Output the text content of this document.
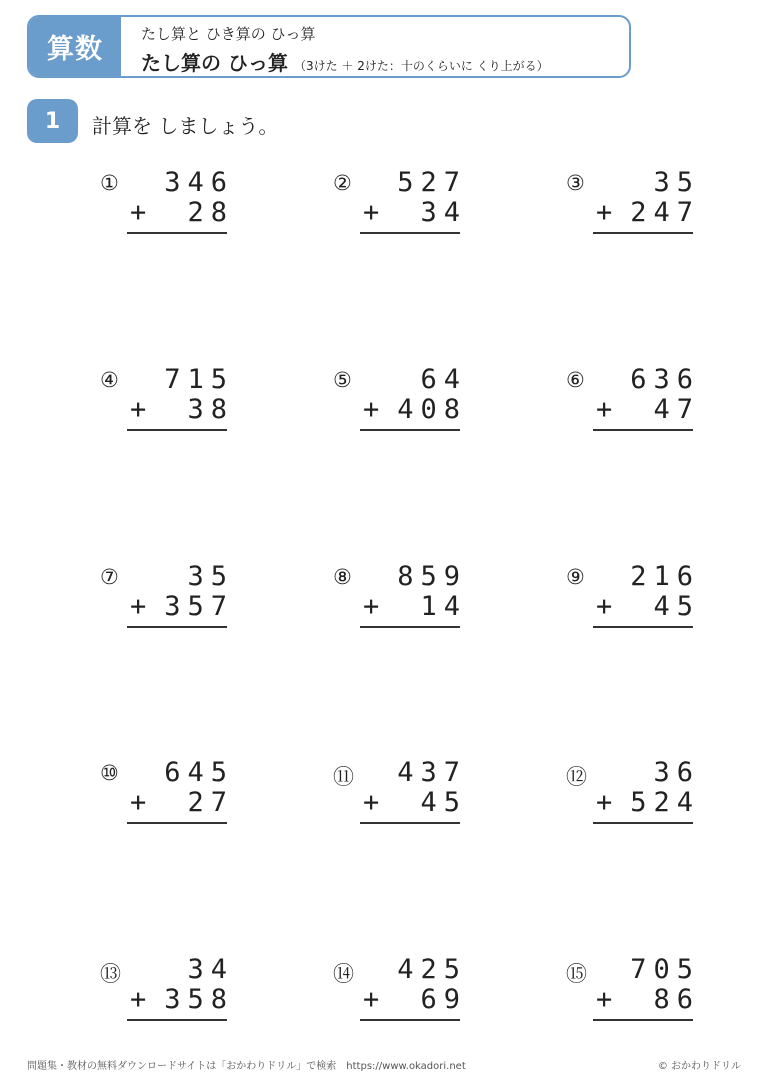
算数	たし算と ひき算の ひっ算
たし算の ひっ算 （3けた ＋ 2けた：十のくらいに くり上がる）
1	計算を しましょう。
①	346
+ 28
②	527
+ 34
③	35
+ 247
④	715
+ 38
⑤	64
+ 408
⑥	636
+ 47
⑦	35
+ 357
⑧	859
+ 14
⑨	216
+ 45
⑩	645
+ 27
⑪	437
+ 45
⑫	36
+ 524
⑬	34
+ 358
⑭	425
+ 69
⑮	705
+ 86
問題集・教材の無料ダウンロードサイトは「おかわりドリル」で検索　https://www.okadori.net	© おかわりドリル
